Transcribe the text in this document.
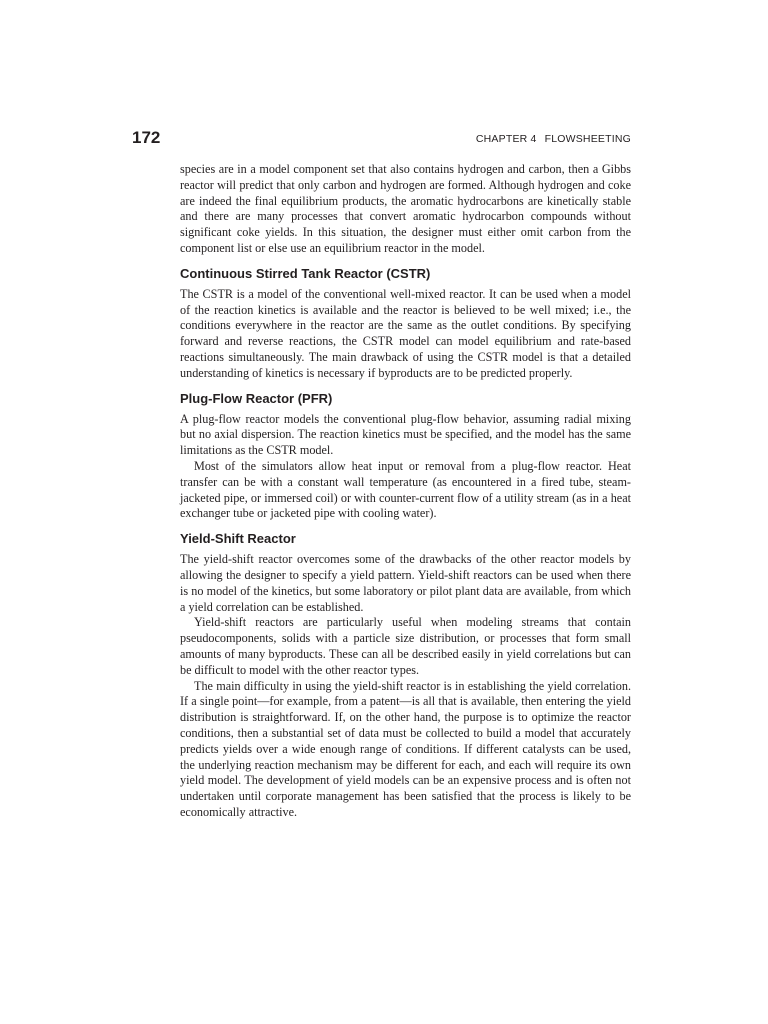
172	CHAPTER 4 FLOWSHEETING

species are in a model component set that also contains hydrogen and carbon, then a Gibbs reactor will predict that only carbon and hydrogen are formed. Although hydrogen and coke are indeed the final equilibrium products, the aromatic hydrocarbons are kinetically stable and there are many processes that convert aromatic hydrocarbon compounds without significant coke yields. In this situation, the designer must either omit carbon from the component list or else use an equilibrium reactor in the model.

Continuous Stirred Tank Reactor (CSTR)

The CSTR is a model of the conventional well-mixed reactor. It can be used when a model of the reaction kinetics is available and the reactor is believed to be well mixed; i.e., the conditions everywhere in the reactor are the same as the outlet conditions. By specifying forward and reverse reactions, the CSTR model can model equilibrium and rate-based reactions simultaneously. The main drawback of using the CSTR model is that a detailed understanding of kinetics is necessary if byproducts are to be predicted properly.

Plug-Flow Reactor (PFR)

A plug-flow reactor models the conventional plug-flow behavior, assuming radial mixing but no axial dispersion. The reaction kinetics must be specified, and the model has the same limitations as the CSTR model.

Most of the simulators allow heat input or removal from a plug-flow reactor. Heat transfer can be with a constant wall temperature (as encountered in a fired tube, steam-jacketed pipe, or immersed coil) or with counter-current flow of a utility stream (as in a heat exchanger tube or jacketed pipe with cooling water).

Yield-Shift Reactor

The yield-shift reactor overcomes some of the drawbacks of the other reactor models by allowing the designer to specify a yield pattern. Yield-shift reactors can be used when there is no model of the kinetics, but some laboratory or pilot plant data are available, from which a yield correlation can be established.

Yield-shift reactors are particularly useful when modeling streams that contain pseudocomponents, solids with a particle size distribution, or processes that form small amounts of many byproducts. These can all be described easily in yield correlations but can be difficult to model with the other reactor types.

The main difficulty in using the yield-shift reactor is in establishing the yield correlation. If a single point—for example, from a patent—is all that is available, then entering the yield distribution is straightforward. If, on the other hand, the purpose is to optimize the reactor conditions, then a substantial set of data must be collected to build a model that accurately predicts yields over a wide enough range of conditions. If different catalysts can be used, the underlying reaction mechanism may be different for each, and each will require its own yield model. The development of yield models can be an expensive process and is often not undertaken until corporate management has been satisfied that the process is likely to be economically attractive.
